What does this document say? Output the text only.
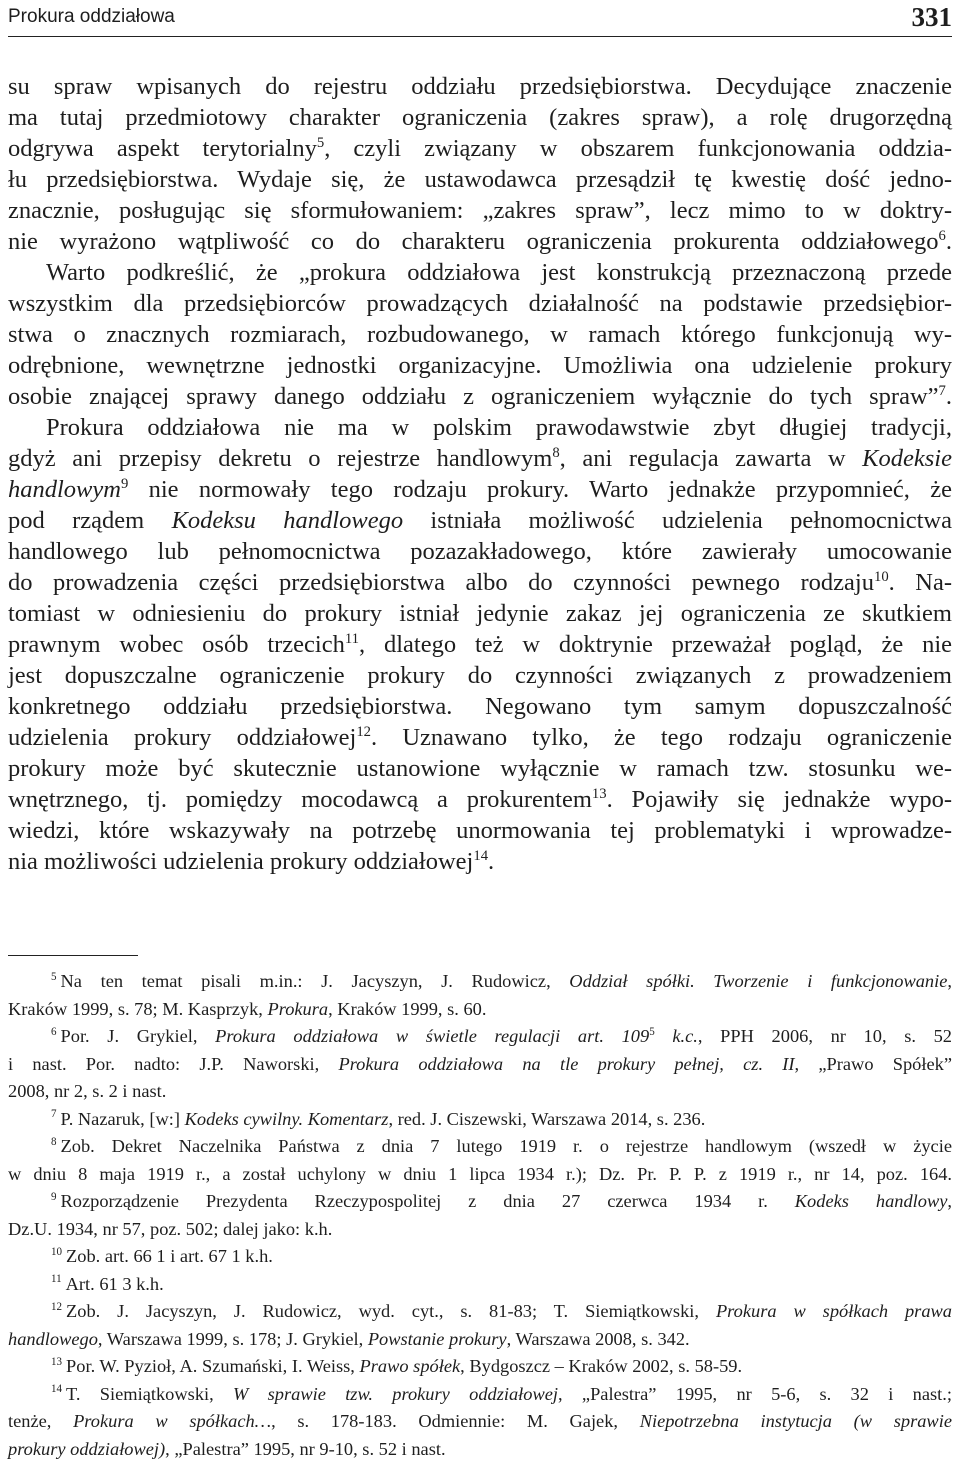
Prokura oddziałowa	331
su spraw wpisanych do rejestru oddziału przedsiębiorstwa. Decydujące znaczenie
ma tutaj przedmiotowy charakter ograniczenia (zakres spraw), a rolę drugorzędną
odgrywa aspekt terytorialny$^5$, czyli związany w obszarem funkcjonowania oddzia-
łu przedsiębiorstwa. Wydaje się, że ustawodawca przesądził tę kwestię dość jedno-
znacznie, posługując się sformułowaniem: „zakres spraw”, lecz mimo to w doktry-
nie wyrażono wątpliwość co do charakteru ograniczenia prokurenta oddziałowego$^6$.
Warto podkreślić, że „prokura oddziałowa jest konstrukcją przeznaczoną przede
wszystkim dla przedsiębiorców prowadzących działalność na podstawie przedsiębior-
stwa o znacznych rozmiarach, rozbudowanego, w ramach którego funkcjonują wy-
odrębnione, wewnętrzne jednostki organizacyjne. Umożliwia ona udzielenie prokury
osobie znającej sprawy danego oddziału z ograniczeniem wyłącznie do tych spraw”$^7$.
Prokura oddziałowa nie ma w polskim prawodawstwie zbyt długiej tradycji,
gdyż ani przepisy dekretu o rejestrze handlowym$^8$, ani regulacja zawarta w Kodeksie
handlowym$^9$ nie normowały tego rodzaju prokury. Warto jednakże przypomnieć, że
pod rządem Kodeksu handlowego istniała możliwość udzielenia pełnomocnictwa
handlowego lub pełnomocnictwa pozazakładowego, które zawierały umocowanie
do prowadzenia części przedsiębiorstwa albo do czynności pewnego rodzaju$^{10}$. Na-
tomiast w odniesieniu do prokury istniał jedynie zakaz jej ograniczenia ze skutkiem
prawnym wobec osób trzecich$^{11}$, dlatego też w doktrynie przeważał pogląd, że nie
jest dopuszczalne ograniczenie prokury do czynności związanych z prowadzeniem
konkretnego oddziału przedsiębiorstwa. Negowano tym samym dopuszczalność
udzielenia prokury oddziałowej$^{12}$. Uznawano tylko, że tego rodzaju ograniczenie
prokury może być skutecznie ustanowione wyłącznie w ramach tzw. stosunku we-
wnętrznego, tj. pomiędzy mocodawcą a prokurentem$^{13}$. Pojawiły się jednakże wypo-
wiedzi, które wskazywały na potrzebę unormowania tej problematyki i wprowadze-
nia możliwości udzielenia prokury oddziałowej$^{14}$.
$^5$ Na ten temat pisali m.in.: J. Jacyszyn, J. Rudowicz, Oddział spółki. Tworzenie i funkcjonowanie,
Kraków 1999, s. 78; M. Kasprzyk, Prokura, Kraków 1999, s. 60.
$^6$ Por. J. Grykiel, Prokura oddziałowa w świetle regulacji art. $109^5$ k.c., PPH 2006, nr 10, s. 52
i nast. Por. nadto: J.P. Naworski, Prokura oddziałowa na tle prokury pełnej, cz. II, „Prawo Spółek”
2008, nr 2, s. 2 i nast.
$^7$ P. Nazaruk, [w:] Kodeks cywilny. Komentarz, red. J. Ciszewski, Warszawa 2014, s. 236.
$^8$ Zob. Dekret Naczelnika Państwa z dnia 7 lutego 1919 r. o rejestrze handlowym (wszedł w życie
w dniu 8 maja 1919 r., a został uchylony w dniu 1 lipca 1934 r.); Dz. Pr. P. P. z 1919 r., nr 14, poz. 164.
$^9$ Rozporządzenie Prezydenta Rzeczypospolitej z dnia 27 czerwca 1934 r. Kodeks handlowy,
Dz.U. 1934, nr 57, poz. 502; dalej jako: k.h.
$^{10}$ Zob. art. 66 1 i art. 67 1 k.h.
$^{11}$ Art. 61 3 k.h.
$^{12}$ Zob. J. Jacyszyn, J. Rudowicz, wyd. cyt., s. 81-83; T. Siemiątkowski, Prokura w spółkach prawa
handlowego, Warszawa 1999, s. 178; J. Grykiel, Powstanie prokury, Warszawa 2008, s. 342.
$^{13}$ Por. W. Pyzioł, A. Szumański, I. Weiss, Prawo spółek, Bydgoszcz – Kraków 2002, s. 58-59.
$^{14}$ T. Siemiątkowski, W sprawie tzw. prokury oddziałowej, „Palestra” 1995, nr 5-6, s. 32 i nast.;
tenże, Prokura w spółkach…, s. 178-183. Odmiennie: M. Gajek, Niepotrzebna instytucja (w sprawie
prokury oddziałowej), „Palestra” 1995, nr 9-10, s. 52 i nast.
